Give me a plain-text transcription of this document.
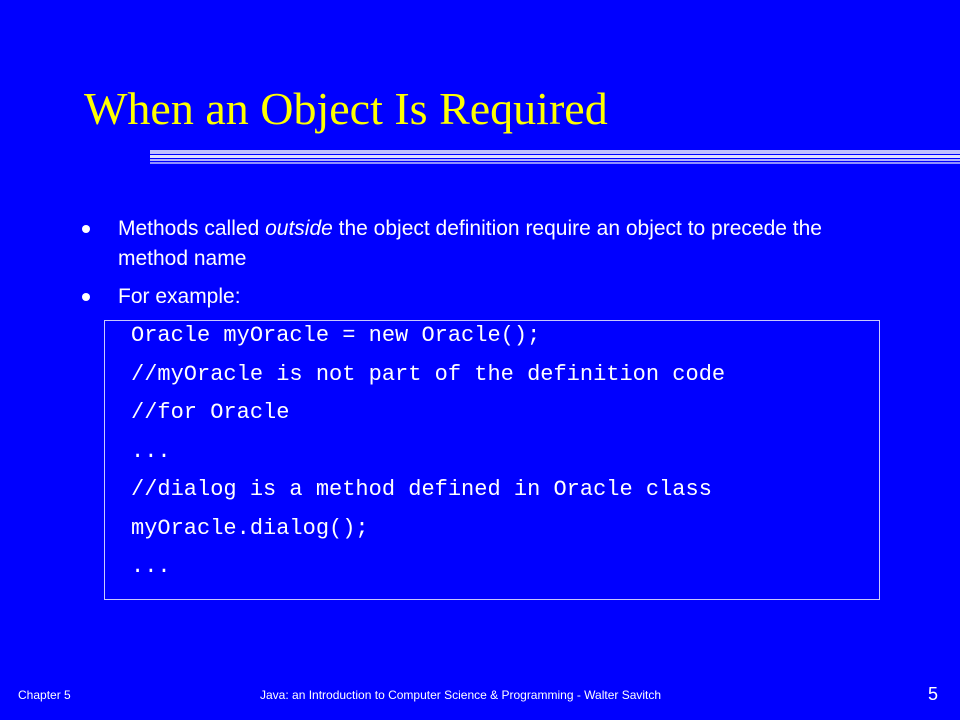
When an Object Is Required
Methods called outside the object definition require an object to precede the method name
For example:
Oracle myOracle = new Oracle();
//myOracle is not part of the definition code
//for Oracle
...
//dialog is a method defined in Oracle class
myOracle.dialog();
...
Chapter 5	Java: an Introduction to Computer Science & Programming - Walter Savitch	5
